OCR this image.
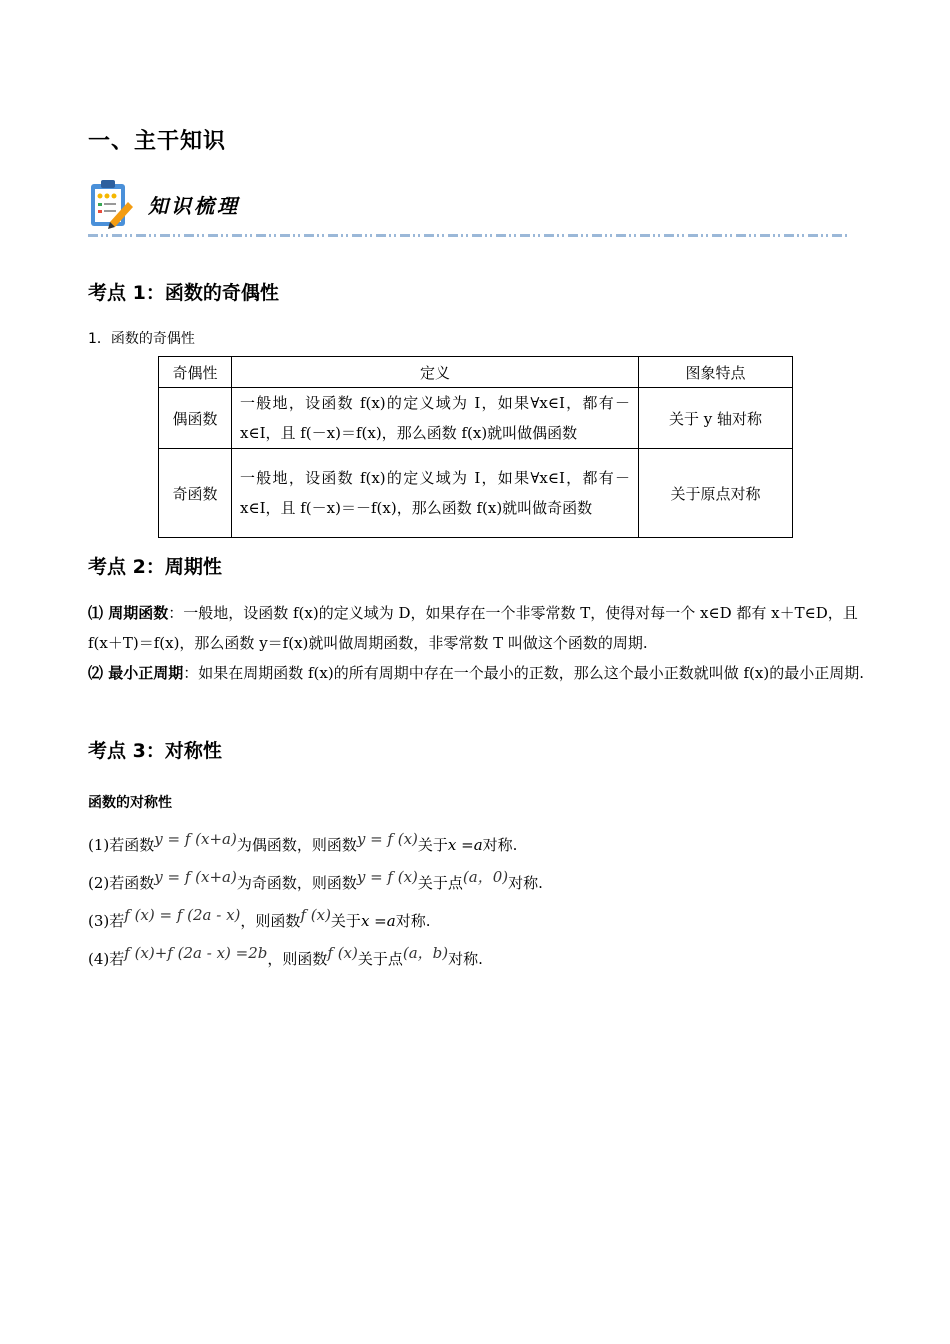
一、主干知识
知识梳理
考点 1：函数的奇偶性
1．函数的奇偶性
奇偶性	定义	图象特点
偶函数	一般地，设函数 f(x)的定义域为 I，如果∀x∈I，都有－x∈I，且 f(－x)＝f(x)，那么函数 f(x)就叫做偶函数	关于 y 轴对称
奇函数	一般地，设函数 f(x)的定义域为 I，如果∀x∈I，都有－x∈I，且 f(－x)＝－f(x)，那么函数 f(x)就叫做奇函数	关于原点对称
考点 2：周期性
⑴ 周期函数：一般地，设函数 f(x)的定义域为 D，如果存在一个非零常数 T，使得对每一个 x∈D 都有 x＋T∈D，且 f(x＋T)＝f(x)，那么函数 y＝f(x)就叫做周期函数，非零常数 T 叫做这个函数的周期.
⑵ 最小正周期：如果在周期函数 f(x)的所有周期中存在一个最小的正数，那么这个最小正数就叫做 f(x)的最小正周期.
考点 3：对称性
函数的对称性
(1)若函数y = f (x+a)为偶函数，则函数y = f (x)关于x =a对称.
(2)若函数y = f (x+a)为奇函数，则函数y = f (x)关于点(a，0)对称.
(3)若f (x) = f (2a - x)，则函数f (x)关于x =a对称.
(4)若f (x)+f (2a - x) =2b，则函数f (x)关于点(a，b)对称.
